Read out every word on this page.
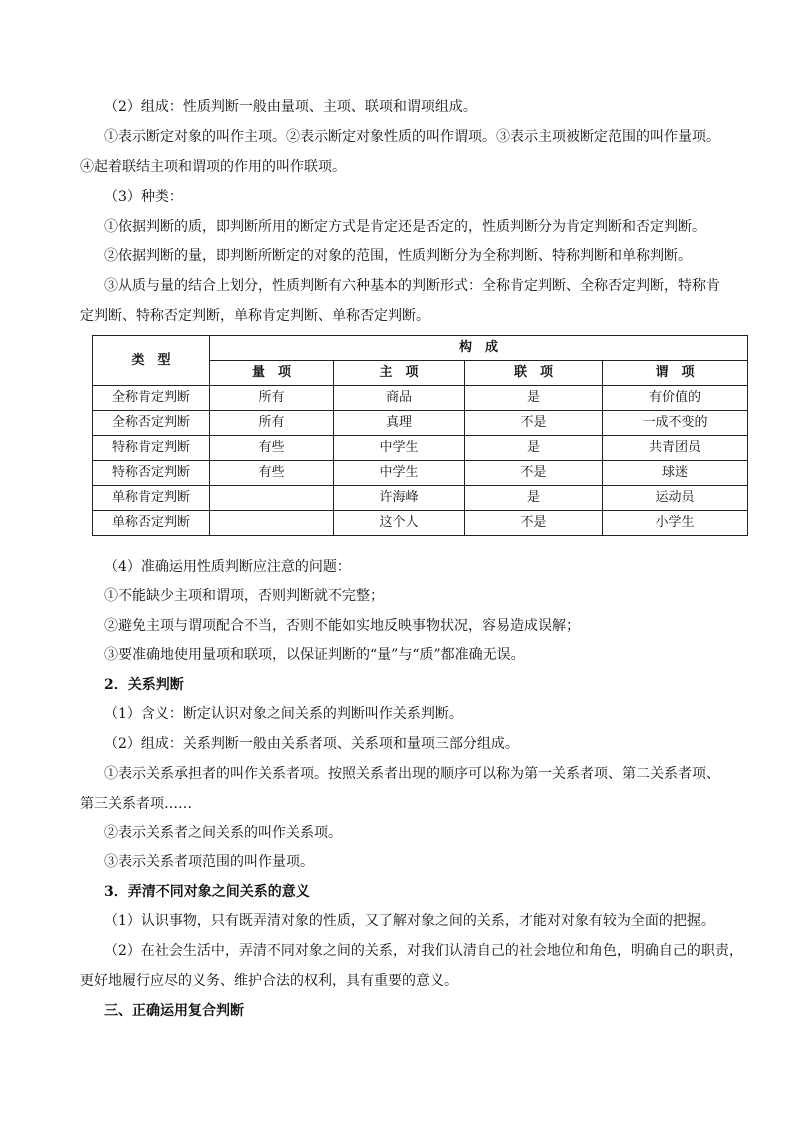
（2）组成：性质判断一般由量项、主项、联项和谓项组成。
①表示断定对象的叫作主项。②表示断定对象性质的叫作谓项。③表示主项被断定范围的叫作量项。
④起着联结主项和谓项的作用的叫作联项。
（3）种类：
①依据判断的质，即判断所用的断定方式是肯定还是否定的，性质判断分为肯定判断和否定判断。
②依据判断的量，即判断所断定的对象的范围，性质判断分为全称判断、特称判断和单称判断。
③从质与量的结合上划分，性质判断有六种基本的判断形式：全称肯定判断、全称否定判断，特称肯
定判断、特称否定判断，单称肯定判断、单称否定判断。
类　型	构　成			
	量　项	主　项	联　项	谓　项
全称肯定判断	所有	商品	是	有价值的
全称否定判断	所有	真理	不是	一成不变的
特称肯定判断	有些	中学生	是	共青团员
特称否定判断	有些	中学生	不是	球迷
单称肯定判断		许海峰	是	运动员
单称否定判断		这个人	不是	小学生
（4）准确运用性质判断应注意的问题：
①不能缺少主项和谓项，否则判断就不完整；
②避免主项与谓项配合不当，否则不能如实地反映事物状况，容易造成误解；
③要准确地使用量项和联项，以保证判断的“量”与“质”都准确无误。
2．关系判断
（1）含义：断定认识对象之间关系的判断叫作关系判断。
（2）组成：关系判断一般由关系者项、关系项和量项三部分组成。
①表示关系承担者的叫作关系者项。按照关系者出现的顺序可以称为第一关系者项、第二关系者项、
第三关系者项……
②表示关系者之间关系的叫作关系项。
③表示关系者项范围的叫作量项。
3．弄清不同对象之间关系的意义
（1）认识事物，只有既弄清对象的性质，又了解对象之间的关系，才能对对象有较为全面的把握。
（2）在社会生活中，弄清不同对象之间的关系，对我们认清自己的社会地位和角色，明确自己的职责，
更好地履行应尽的义务、维护合法的权利，具有重要的意义。
三、正确运用复合判断
